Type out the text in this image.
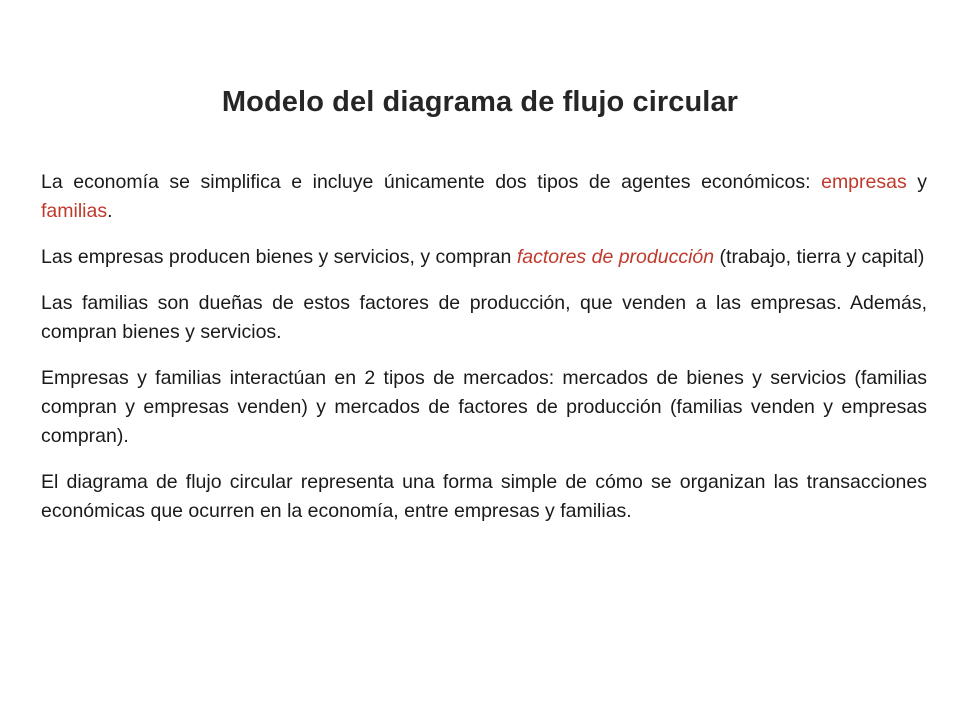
Modelo del diagrama de flujo circular

La economía se simplifica e incluye únicamente dos tipos de agentes económicos: empresas y familias.

Las empresas producen bienes y servicios, y compran factores de producción (trabajo, tierra y capital)

Las familias son dueñas de estos factores de producción, que venden a las empresas. Además, compran bienes y servicios.

Empresas y familias interactúan en 2 tipos de mercados: mercados de bienes y servicios (familias compran y empresas venden) y mercados de factores de producción (familias venden y empresas compran).

El diagrama de flujo circular representa una forma simple de cómo se organizan las transacciones económicas que ocurren en la economía, entre empresas y familias.
